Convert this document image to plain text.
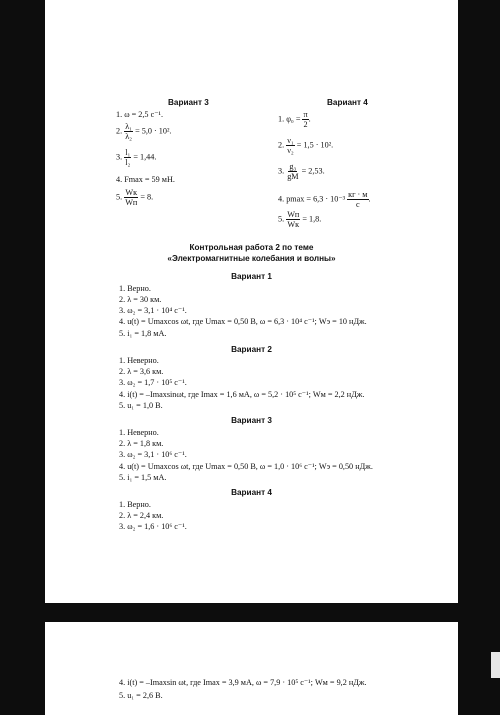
Вариант 3
1. ω = 2,5 с⁻¹.
2. $\frac{\text{λ₁}}{\text{λ₂}} = 5,0 \cdot 10^2$.
3. $\frac{\text{l₁}}{\text{l₂}} = 1,44$.
4. Fmax = 59 мН.
5. $\frac{Wк}{Wп} = 8$.
Вариант 4
1. $\varphi_0 = \frac{\pi}{2}$ .
2. $\frac{\text{ν₁}}{\text{ν₂}} = 1,5 \cdot 10^2$.
3. $\frac{\text{g₃}}{gМ} = 2,53$.
4. $pmax = 6,3 \cdot 10^{-3} \frac{кг \cdot м}{с}$ .
5. $\frac{Wп}{Wк} = 1,8$.
Контрольная работа 2 по теме
«Электромагнитные колебания и волны»
Вариант 1
1. Верно.
2. λ = 30 км.
3. ω₂ = 3,1 · 10⁴ с⁻¹.
4. u(t) = Umaxcos ωt, где Umax = 0,50 В, ω = 6,3 · 10⁴ с⁻¹; Wэ = 10 нДж.
5. i₁ = 1,8 мА.
Вариант 2
1. Неверно.
2. λ = 3,6 км.
3. ω₂ = 1,7 · 10⁵ с⁻¹.
4. i(t) = –Imaxsinωt, где Imax = 1,6 мА, ω = 5,2 · 10⁵ с⁻¹; Wм = 2,2 нДж.
5. u₁ = 1,0 В.
Вариант 3
1. Неверно.
2. λ = 1,8 км.
3. ω₂ = 3,1 · 10⁶ с⁻¹.
4. u(t) = Umaxcos ωt, где Umax = 0,50 В, ω = 1,0 · 10⁶ с⁻¹; Wэ = 0,50 нДж.
5. i₁ = 1,5 мА.
Вариант 4
1. Верно.
2. λ = 2,4 км.
3. ω₂ = 1,6 · 10⁶ с⁻¹.
4. i(t) = –Imaxsin ωt, где Imax = 3,9 мА, ω = 7,9 · 10⁵ с⁻¹; Wм = 9,2 нДж.
5. u₁ = 2,6 В.
